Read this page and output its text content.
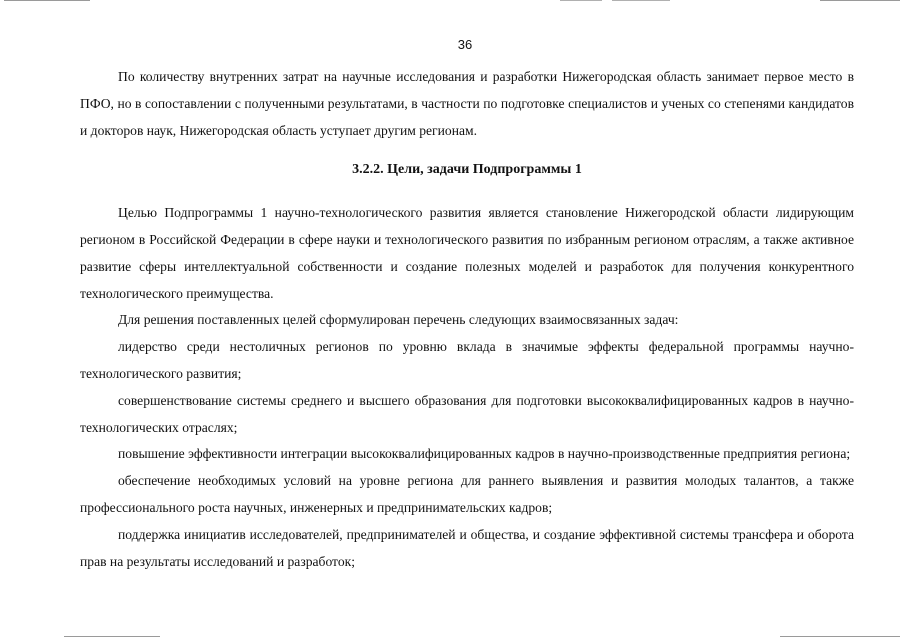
36

По количеству внутренних затрат на научные исследования и разработки Нижегородская область занимает первое место в ПФО, но в сопоставлении с полученными результатами, в частности по подготовке специалистов и ученых со степенями кандидатов и докторов наук, Нижегородская область уступает другим регионам.

3.2.2. Цели, задачи Подпрограммы 1

Целью Подпрограммы 1 научно-технологического развития является становление Нижегородской области лидирующим регионом в Российской Федерации в сфере науки и технологического развития по избранным регионом отраслям, а также активное развитие сферы интеллектуальной собственности и создание полезных моделей и разработок для получения конкурентного технологического преимущества.

Для решения поставленных целей сформулирован перечень следующих взаимосвязанных задач:

лидерство среди нестоличных регионов по уровню вклада в значимые эффекты федеральной программы научно-технологического развития;

совершенствование системы среднего и высшего образования для подготовки высококвалифицированных кадров в научно-технологических отраслях;

повышение эффективности интеграции высококвалифицированных кадров в научно-производственные предприятия региона;

обеспечение необходимых условий на уровне региона для раннего выявления и развития молодых талантов, а также профессионального роста научных, инженерных и предпринимательских кадров;

поддержка инициатив исследователей, предпринимателей и общества, и создание эффективной системы трансфера и оборота прав на результаты исследований и разработок;
